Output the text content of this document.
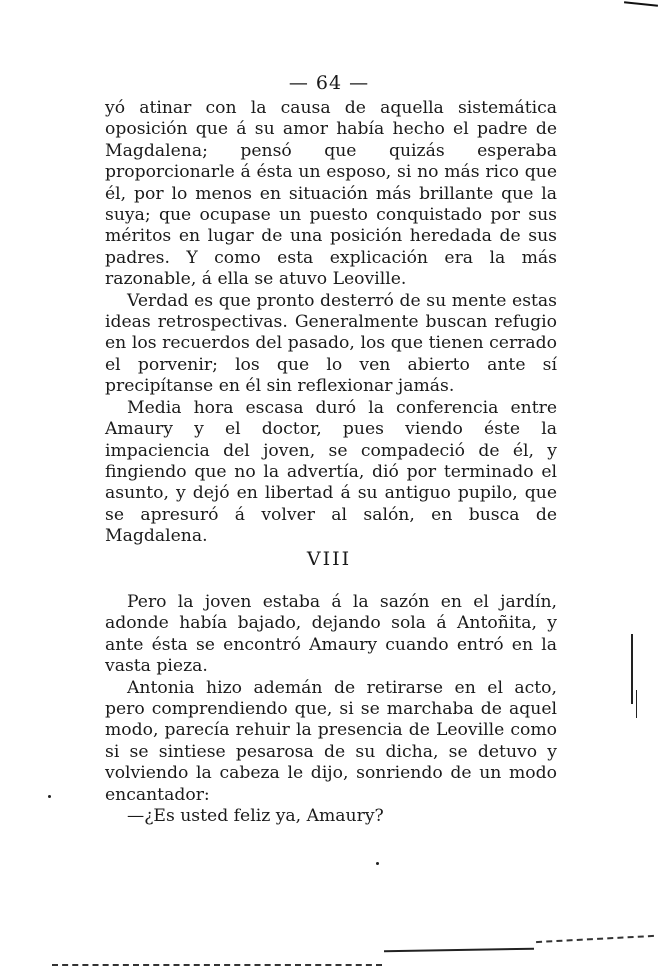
— 64 —

yó atinar con la causa de aquella sistemática oposición que á su amor había hecho el padre de Magdalena; pensó que quizás esperaba proporcionarle á ésta un esposo, si no más rico que él, por lo menos en situación más brillante que la suya; que ocupase un puesto conquistado por sus méritos en lugar de una posición heredada de sus padres. Y como esta explicación era la más razonable, á ella se atuvo Leoville.

Verdad es que pronto desterró de su mente estas ideas retrospectivas. Generalmente buscan refugio en los recuerdos del pasado, los que tienen cerrado el porvenir; los que lo ven abierto ante sí precipítanse en él sin reflexionar jamás.

Media hora escasa duró la conferencia entre Amaury y el doctor, pues viendo éste la impaciencia del joven, se compadeció de él, y fingiendo que no la advertía, dió por terminado el asunto, y dejó en libertad á su antiguo pupilo, que se apresuró á volver al salón, en busca de Magdalena.

VIII

Pero la joven estaba á la sazón en el jardín, adonde había bajado, dejando sola á Antoñita, y ante ésta se encontró Amaury cuando entró en la vasta pieza.

Antonia hizo ademán de retirarse en el acto, pero comprendiendo que, si se marchaba de aquel modo, parecía rehuir la presencia de Leoville como si se sintiese pesarosa de su dicha, se detuvo y volviendo la cabeza le dijo, sonriendo de un modo encantador:

—¿Es usted feliz ya, Amaury?
